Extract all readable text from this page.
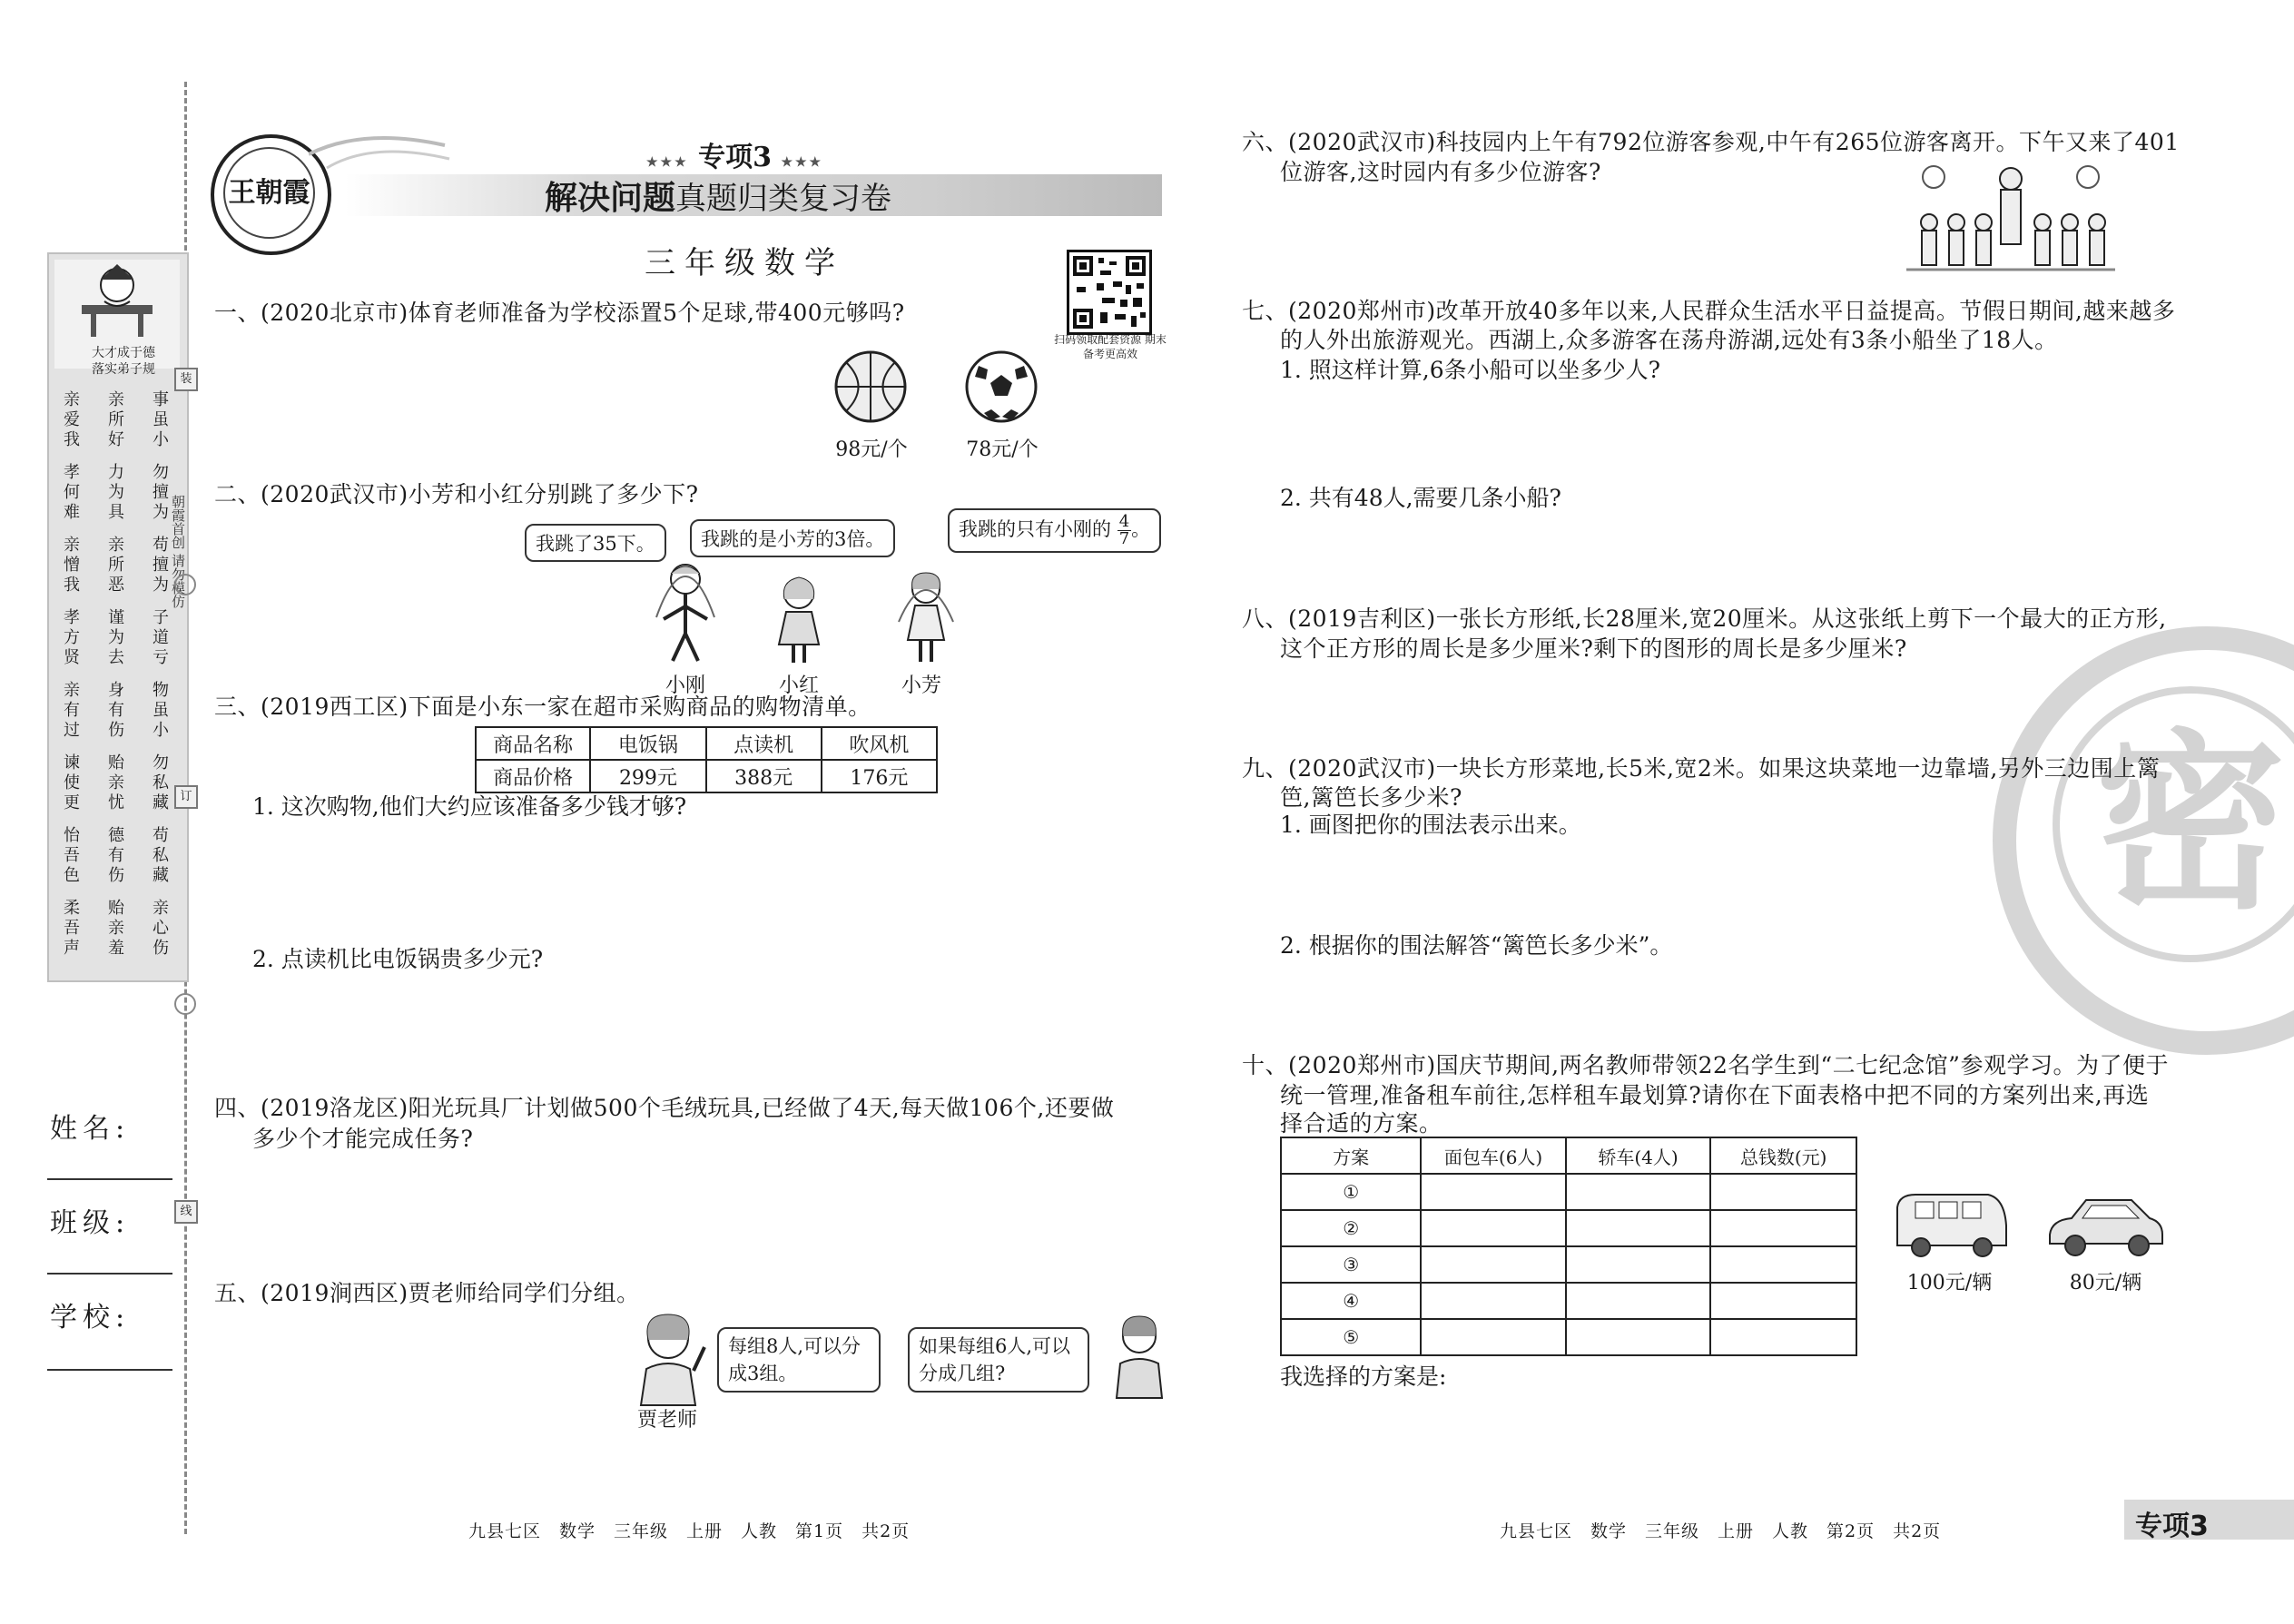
大才成于德
落实弟子规
亲爱我
亲所好
事虽小
孝何难
力为具
勿擅为
亲憎我
亲所恶
苟擅为
孝方贤
谨为去
子道亏
亲有过
身有伤
物虽小
谏使更
贻亲忧
勿私藏
怡吾色
德有伤
苟私藏
柔吾声
贻亲羞
亲心伤
装
朝霞首创 请勿模仿
订
线
姓名:
班级:
学校:
王朝霞
★★★ 专项3 ★★★
解决问题真题归类复习卷
三年级数学
扫码领取配套资源 期末备考更高效
一、(2020北京市)体育老师准备为学校添置5个足球,带400元够吗?
98元/个	78元/个
二、(2020武汉市)小芳和小红分别跳了多少下?
我跳了35下。	我跳的是小芳的3倍。	我跳的只有小刚的 $\frac{4}{7}$ 。
小刚	小红	小芳
三、(2019西工区)下面是小东一家在超市采购商品的购物清单。
商品名称	电饭锅	点读机	吹风机
商品价格	299元	388元	176元
1. 这次购物,他们大约应该准备多少钱才够?
2. 点读机比电饭锅贵多少元?
四、(2019洛龙区)阳光玩具厂计划做500个毛绒玩具,已经做了4天,每天做106个,还要做
多少个才能完成任务?
五、(2019涧西区)贾老师给同学们分组。
每组8人,可以分成3组。
如果每组6人,可以分成几组?
贾老师
九县七区　数学　三年级　上册　人教　第1页　共2页
六、(2020武汉市)科技园内上午有792位游客参观,中午有265位游客离开。下午又来了401
位游客,这时园内有多少位游客?
七、(2020郑州市)改革开放40多年以来,人民群众生活水平日益提高。节假日期间,越来越多
的人外出旅游观光。西湖上,众多游客在荡舟游湖,远处有3条小船坐了18人。
1. 照这样计算,6条小船可以坐多少人?
2. 共有48人,需要几条小船?
八、(2019吉利区)一张长方形纸,长28厘米,宽20厘米。从这张纸上剪下一个最大的正方形,
这个正方形的周长是多少厘米?剩下的图形的周长是多少厘米?
密
九、(2020武汉市)一块长方形菜地,长5米,宽2米。如果这块菜地一边靠墙,另外三边围上篱
笆,篱笆长多少米?
1. 画图把你的围法表示出来。
2. 根据你的围法解答“篱笆长多少米”。
十、(2020郑州市)国庆节期间,两名教师带领22名学生到“二七纪念馆”参观学习。为了便于
统一管理,准备租车前往,怎样租车最划算?请你在下面表格中把不同的方案列出来,再选
择合适的方案。
方案	面包车(6人)	轿车(4人)	总钱数(元)
①			
②			
③			
④			
⑤			
100元/辆	80元/辆
我选择的方案是:
九县七区　数学　三年级　上册　人教　第2页　共2页	专项3
